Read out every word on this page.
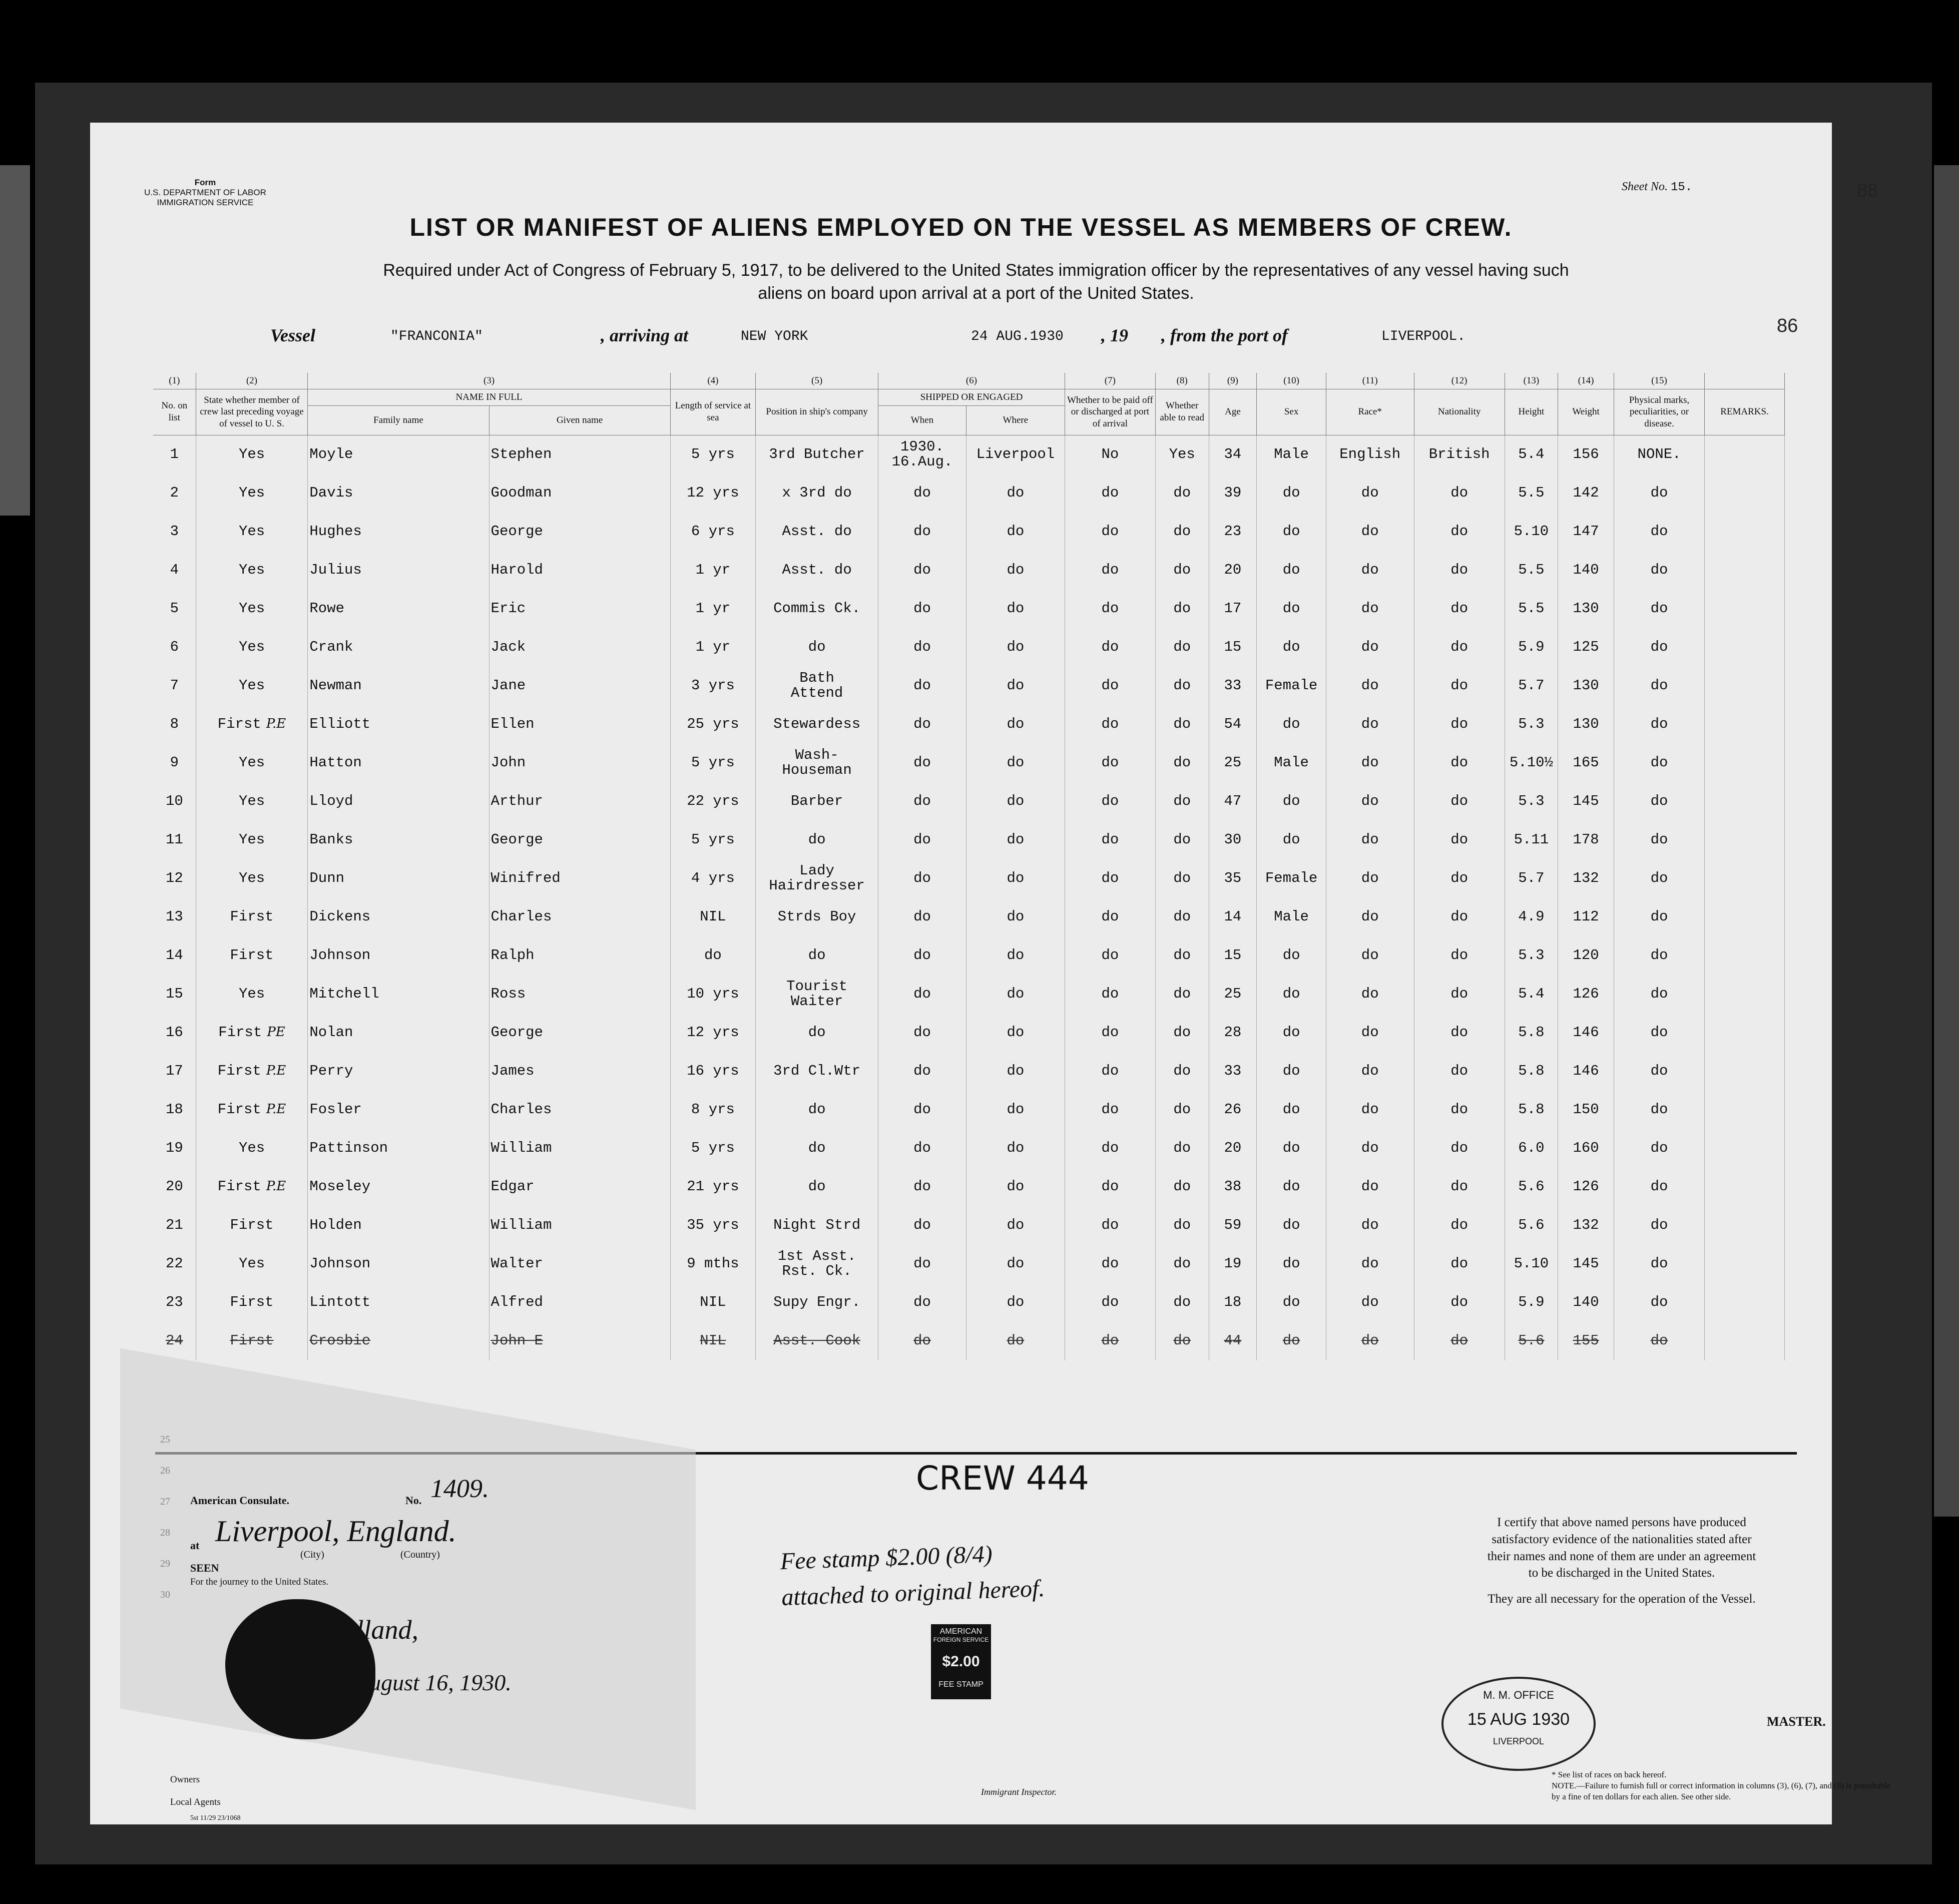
Form
U.S. DEPARTMENT OF LABOR
IMMIGRATION SERVICE
Sheet No. 15.	88
86
LIST OR MANIFEST OF ALIENS EMPLOYED ON THE VESSEL AS MEMBERS OF CREW.
Required under Act of Congress of February 5, 1917, to be delivered to the United States immigration officer by the representatives of any vessel having such
aliens on board upon arrival at a port of the United States.
Vessel	"FRANCONIA"	, arriving at	NEW YORK	24 AUG.1930 , 19 , from the port of	LIVERPOOL.
(1)	(2)	(3)		(4)	(5)	(6)		(7)	(8)	(9)	(10)	(11)	(12)	(13)	(14)	(15)	
No. on list	State whether member of crew last preceding voyage of vessel to U. S.	NAME IN FULL		Length of service at sea	Position in ship's company	SHIPPED OR ENGAGED		Whether to be paid off or discharged at port of arrival	Whether able to read	Age	Sex	Race*	Nationality	Height	Weight	Physical marks, peculiarities, or disease.	REMARKS.
		Family name	Given name			When	Where										
1	Yes	Moyle	Stephen	5 yrs	3rd Butcher	1930.
16.Aug.	Liverpool	No	Yes	34	Male	English	British	5.4	156	NONE.	
2	Yes	Davis	Goodman	12 yrs	x 3rd do	do	do	do	do	39	do	do	do	5.5	142	do	
3	Yes	Hughes	George	6 yrs	Asst. do	do	do	do	do	23	do	do	do	5.10	147	do	
4	Yes	Julius	Harold	1 yr	Asst. do	do	do	do	do	20	do	do	do	5.5	140	do	
5	Yes	Rowe	Eric	1 yr	Commis Ck.	do	do	do	do	17	do	do	do	5.5	130	do	
6	Yes	Crank	Jack	1 yr	do	do	do	do	do	15	do	do	do	5.9	125	do	
7	Yes	Newman	Jane	3 yrs	Bath
Attend	do	do	do	do	33	Female	do	do	5.7	130	do	
8	First P.E	Elliott	Ellen	25 yrs	Stewardess	do	do	do	do	54	do	do	do	5.3	130	do	
9	Yes	Hatton	John	5 yrs	Wash-
Houseman	do	do	do	do	25	Male	do	do	5.10½	165	do	
10	Yes	Lloyd	Arthur	22 yrs	Barber	do	do	do	do	47	do	do	do	5.3	145	do	
11	Yes	Banks	George	5 yrs	do	do	do	do	do	30	do	do	do	5.11	178	do	
12	Yes	Dunn	Winifred	4 yrs	Lady
Hairdresser	do	do	do	do	35	Female	do	do	5.7	132	do	
13	First	Dickens	Charles	NIL	Strds Boy	do	do	do	do	14	Male	do	do	4.9	112	do	
14	First	Johnson	Ralph	do	do	do	do	do	do	15	do	do	do	5.3	120	do	
15	Yes	Mitchell	Ross	10 yrs	Tourist
Waiter	do	do	do	do	25	do	do	do	5.4	126	do	
16	First PE	Nolan	George	12 yrs	do	do	do	do	do	28	do	do	do	5.8	146	do	
17	First P.E	Perry	James	16 yrs	3rd Cl.Wtr	do	do	do	do	33	do	do	do	5.8	146	do	
18	First P.E	Fosler	Charles	8 yrs	do	do	do	do	do	26	do	do	do	5.8	150	do	
19	Yes	Pattinson	William	5 yrs	do	do	do	do	do	20	do	do	do	6.0	160	do	
20	First P.E	Moseley	Edgar	21 yrs	do	do	do	do	do	38	do	do	do	5.6	126	do	
21	First	Holden	William	35 yrs	Night Strd	do	do	do	do	59	do	do	do	5.6	132	do	
22	Yes	Johnson	Walter	9 mths	1st Asst.
Rst. Ck.	do	do	do	do	19	do	do	do	5.10	145	do	
23	First	Lintott	Alfred	NIL	Supy Engr.	do	do	do	do	18	do	do	do	5.9	140	do	
24	First	Crosbie	John E	NIL	Asst. Cook	do	do	do	do	44	do	do	do	5.6	155	do	
American Consulate.	No. 1409.
at Liverpool, England.
(City)	(Country)
SEEN
For the journey to the United States.
Philip Holland,
American Consul General
Date August 16, 1930.
CREW 444
Fee stamp $2.00 (8/4)
attached to original hereof.
AMERICAN
FOREIGN SERVICE
$2.00
FEE STAMP
I certify that above named persons have produced satisfactory evidence of the nationalities stated after their names and none of them are under an agreement to be discharged in the United States.
They are all necessary for the operation of the Vessel.
M. M. OFFICE
15 AUG 1930
LIVERPOOL
MASTER.
Immigrant Inspector.
* See list of races on back hereof.
NOTE.—Failure to furnish full or correct information in columns (3), (6), (7), and (8) is punishable by a fine of ten dollars for each alien. See other side.
Owners
Local Agents
5st 11/29 23/1068
